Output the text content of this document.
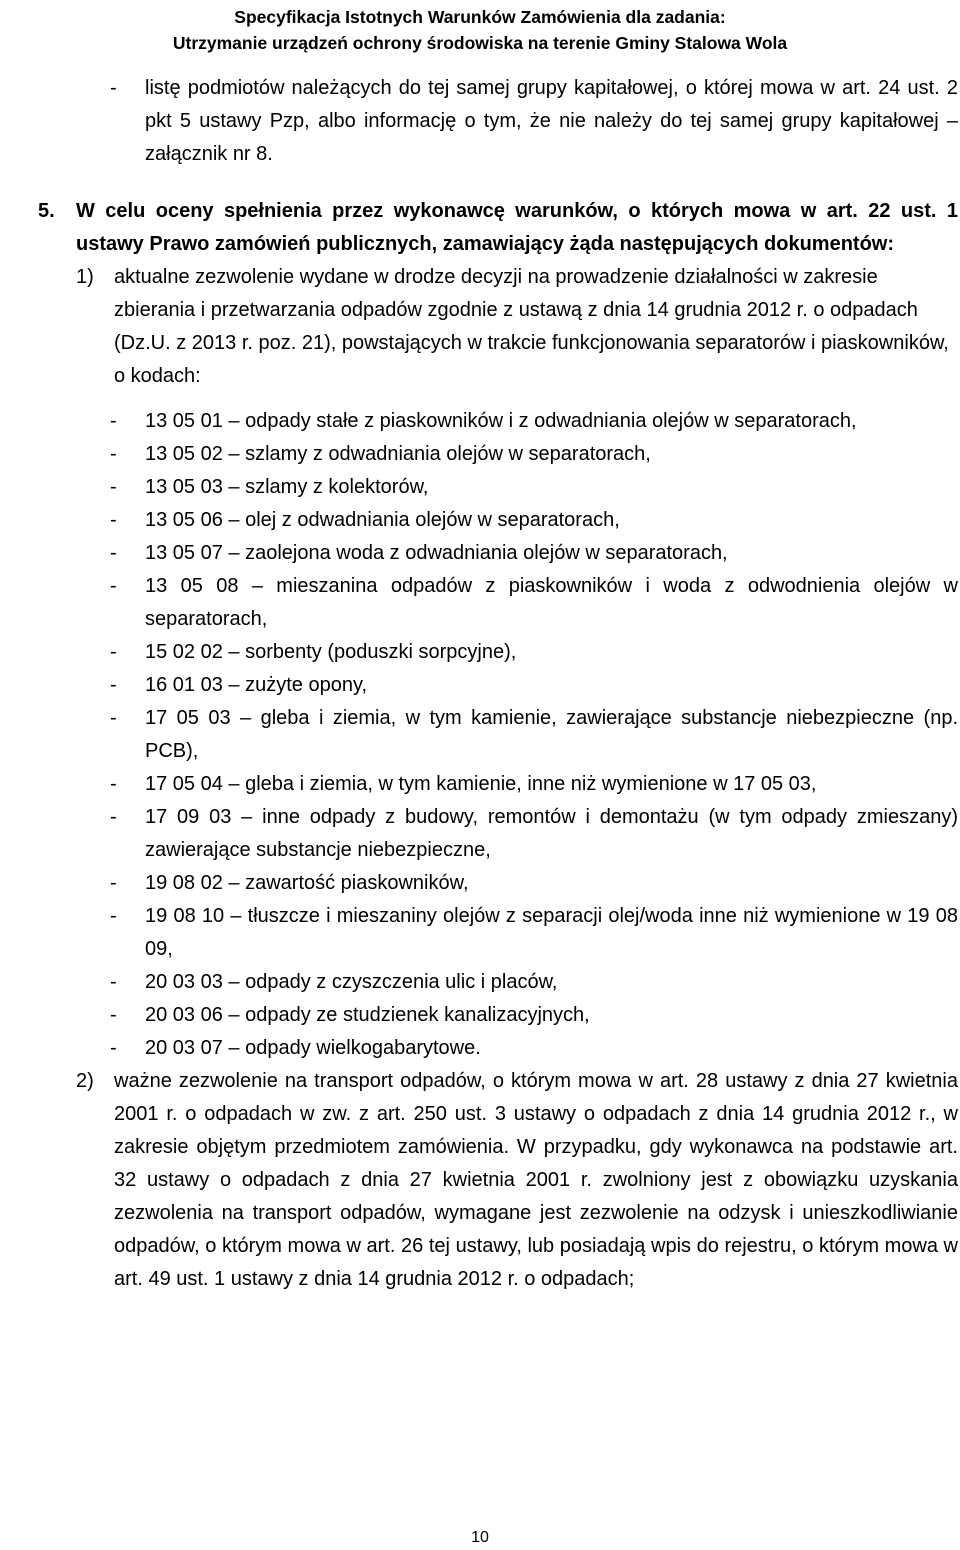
Specyfikacja Istotnych Warunków Zamówienia dla zadania:
Utrzymanie urządzeń ochrony środowiska na terenie Gminy Stalowa Wola
-	listę podmiotów należących do tej samej grupy kapitałowej, o której mowa w art. 24 ust. 2 pkt 5 ustawy Pzp, albo informację o tym, że nie należy do tej samej grupy kapitałowej – załącznik nr 8.
5.	W celu oceny spełnienia przez wykonawcę warunków, o których mowa w art. 22 ust. 1 ustawy Prawo zamówień publicznych, zamawiający żąda następujących dokumentów:
1)	aktualne zezwolenie wydane w drodze decyzji na prowadzenie działalności w zakresie zbierania i przetwarzania odpadów zgodnie z ustawą z dnia 14 grudnia 2012 r. o odpadach (Dz.U. z 2013 r. poz. 21), powstających w trakcie funkcjonowania separatorów i piaskowników, o kodach:
-	13 05 01 – odpady stałe z piaskowników i z odwadniania olejów w separatorach,
-	13 05 02 – szlamy z odwadniania olejów w separatorach,
-	13 05 03 – szlamy z kolektorów,
-	13 05 06 – olej z odwadniania olejów w separatorach,
-	13 05 07 – zaolejona woda z odwadniania olejów w separatorach,
-	13 05 08 – mieszanina odpadów z piaskowników i woda z odwodnienia olejów w separatorach,
-	15 02 02 – sorbenty (poduszki sorpcyjne),
-	16 01 03 – zużyte opony,
-	17 05 03 – gleba i ziemia, w tym kamienie, zawierające substancje niebezpieczne (np. PCB),
-	17 05 04 – gleba i ziemia, w tym kamienie, inne niż wymienione w 17 05 03,
-	17 09 03 – inne odpady z budowy, remontów i demontażu (w tym odpady zmieszany) zawierające substancje niebezpieczne,
-	19 08 02 – zawartość piaskowników,
-	19 08 10 – tłuszcze i mieszaniny olejów z separacji olej/woda inne niż wymienione w 19 08 09,
-	20 03 03 – odpady z czyszczenia ulic i placów,
-	20 03 06 – odpady ze studzienek kanalizacyjnych,
-	20 03 07 – odpady wielkogabarytowe.
2)	ważne zezwolenie na transport odpadów, o którym mowa w art. 28 ustawy z dnia 27 kwietnia 2001 r. o odpadach w zw. z art. 250 ust. 3 ustawy o odpadach z dnia 14 grudnia 2012 r., w zakresie objętym przedmiotem zamówienia. W przypadku, gdy wykonawca na podstawie art. 32 ustawy o odpadach z dnia 27 kwietnia 2001 r. zwolniony jest z obowiązku uzyskania zezwolenia na transport odpadów, wymagane jest zezwolenie na odzysk i unieszkodliwianie odpadów, o którym mowa w art. 26 tej ustawy, lub posiadają wpis do rejestru, o którym mowa w art. 49 ust. 1 ustawy z dnia 14 grudnia 2012 r. o odpadach;
10
